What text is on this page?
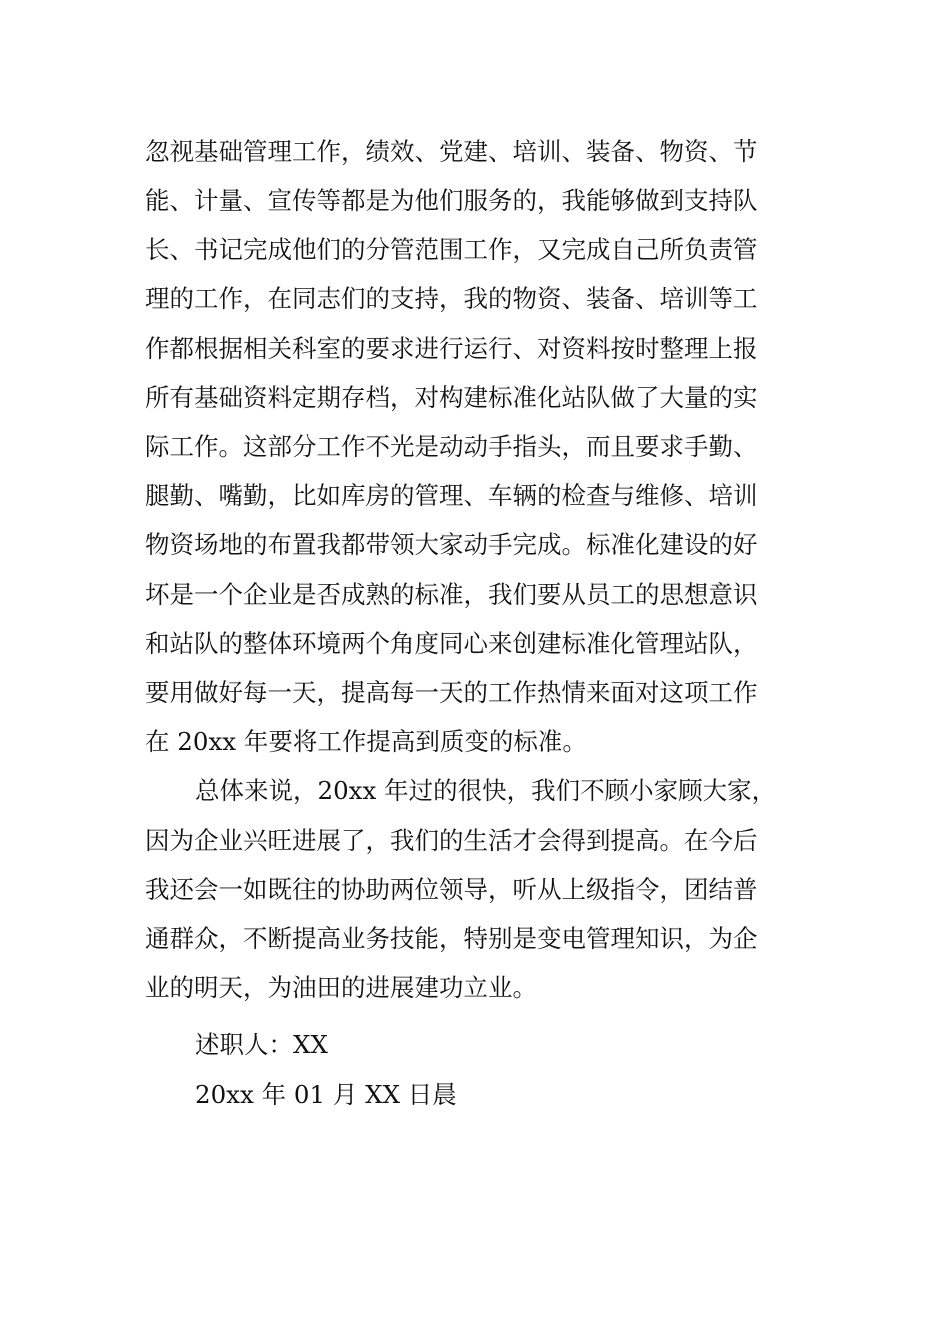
忽视基础管理工作，绩效、党建、培训、装备、物资、节

能、计量、宣传等都是为他们服务的，我能够做到支持队

长、书记完成他们的分管范围工作，又完成自己所负责管

理的工作，在同志们的支持，我的物资、装备、培训等工

作都根据相关科室的要求进行运行、对资料按时整理上报

所有基础资料定期存档，对构建标准化站队做了大量的实

际工作。这部分工作不光是动动手指头，而且要求手勤、

腿勤、嘴勤，比如库房的管理、车辆的检查与维修、培训

物资场地的布置我都带领大家动手完成。标准化建设的好

坏是一个企业是否成熟的标准，我们要从员工的思想意识

和站队的整体环境两个角度同心来创建标准化管理站队，

要用做好每一天，提高每一天的工作热情来面对这项工作

在 20xx 年要将工作提高到质变的标准。

总体来说，20xx 年过的很快，我们不顾小家顾大家，

因为企业兴旺进展了，我们的生活才会得到提高。在今后

我还会一如既往的协助两位领导，听从上级指令，团结普

通群众，不断提高业务技能，特别是变电管理知识，为企

业的明天，为油田的进展建功立业。

述职人：XX

20xx 年 01 月 XX 日晨
